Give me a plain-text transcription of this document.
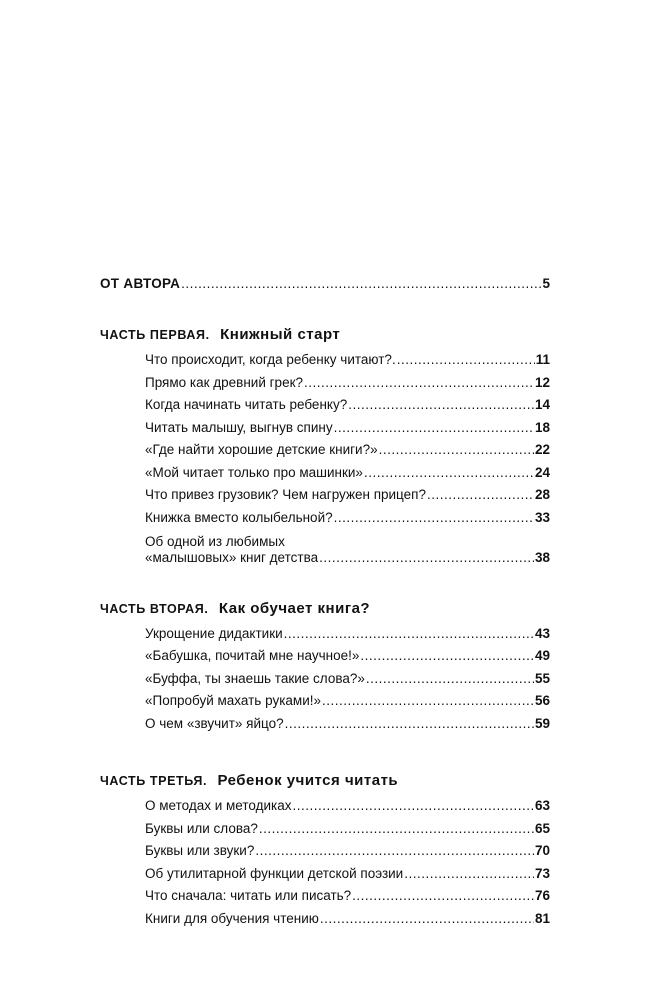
ОТ АВТОРА .....	5
ЧАСТЬ ПЕРВАЯ. Книжный старт
Что происходит, когда ребенку читают?. .....	11
Прямо как древний грек? .....	12
Когда начинать читать ребенку? .....	14
Читать малышу, выгнув спину .....	18
«Где найти хорошие детские книги?» .....	22
«Мой читает только про машинки» .....	24
Что привез грузовик? Чем нагружен прицеп? .....	28
Книжка вместо колыбельной? .....	33
Об одной из любимых
«малышовых» книг детства .....	38
ЧАСТЬ ВТОРАЯ. Как обучает книга?
Укрощение дидактики .....	43
«Бабушка, почитай мне научное!» .....	49
«Буффа, ты знаешь такие слова?» .....	55
«Попробуй махать руками!» .....	56
О чем «звучит» яйцо? .....	59
ЧАСТЬ ТРЕТЬЯ. Ребенок учится читать
О методах и методиках .....	63
Буквы или слова? .....	65
Буквы или звуки? .....	70
Об утилитарной функции детской поэзии .....	73
Что сначала: читать или писать? .....	76
Книги для обучения чтению .....	81
